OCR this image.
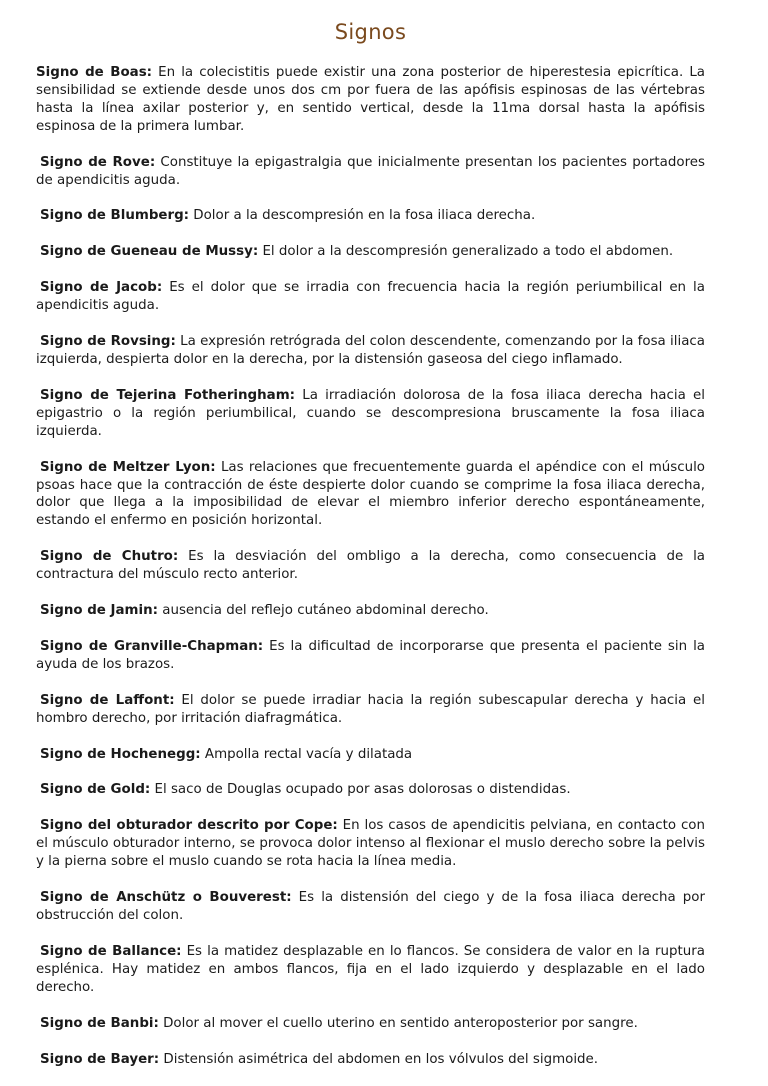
Signos

Signo de Boas: En la colecistitis puede existir una zona posterior de hiperestesia epicrítica. La sensibilidad se extiende desde unos dos cm por fuera de las apófisis espinosas de las vértebras hasta la línea axilar posterior y, en sentido vertical, desde la 11ma dorsal hasta la apófisis espinosa de la primera lumbar.

Signo de Rove: Constituye la epigastralgia que inicialmente presentan los pacientes portadores de apendicitis aguda.

Signo de Blumberg: Dolor a la descompresión en la fosa iliaca derecha.

Signo de Gueneau de Mussy: El dolor a la descompresión generalizado a todo el abdomen.

Signo de Jacob: Es el dolor que se irradia con frecuencia hacia la región periumbilical en la apendicitis aguda.

Signo de Rovsing: La expresión retrógrada del colon descendente, comenzando por la fosa iliaca izquierda, despierta dolor en la derecha, por la distensión gaseosa del ciego inflamado.

Signo de Tejerina Fotheringham: La irradiación dolorosa de la fosa iliaca derecha hacia el epigastrio o la región periumbilical, cuando se descompresiona bruscamente la fosa iliaca izquierda.

Signo de Meltzer Lyon: Las relaciones que frecuentemente guarda el apéndice con el músculo psoas hace que la contracción de éste despierte dolor cuando se comprime la fosa iliaca derecha, dolor que llega a la imposibilidad de elevar el miembro inferior derecho espontáneamente, estando el enfermo en posición horizontal.

Signo de Chutro: Es la desviación del ombligo a la derecha, como consecuencia de la contractura del músculo recto anterior.

Signo de Jamin: ausencia del reflejo cutáneo abdominal derecho.

Signo de Granville-Chapman: Es la dificultad de incorporarse que presenta el paciente sin la ayuda de los brazos.

Signo de Laffont: El dolor se puede irradiar hacia la región subescapular derecha y hacia el hombro derecho, por irritación diafragmática.

Signo de Hochenegg: Ampolla rectal vacía y dilatada

Signo de Gold: El saco de Douglas ocupado por asas dolorosas o distendidas.

Signo del obturador descrito por Cope: En los casos de apendicitis pelviana, en contacto con el músculo obturador interno, se provoca dolor intenso al flexionar el muslo derecho sobre la pelvis y la pierna sobre el muslo cuando se rota hacia la línea media.

Signo de Anschütz o Bouverest: Es la distensión del ciego y de la fosa iliaca derecha por obstrucción del colon.

Signo de Ballance: Es la matidez desplazable en lo flancos. Se considera de valor en la ruptura esplénica. Hay matidez en ambos flancos, fija en el lado izquierdo y desplazable en el lado derecho.

Signo de Banbi: Dolor al mover el cuello uterino en sentido anteroposterior por sangre.

Signo de Bayer: Distensión asimétrica del abdomen en los vólvulos del sigmoide.
